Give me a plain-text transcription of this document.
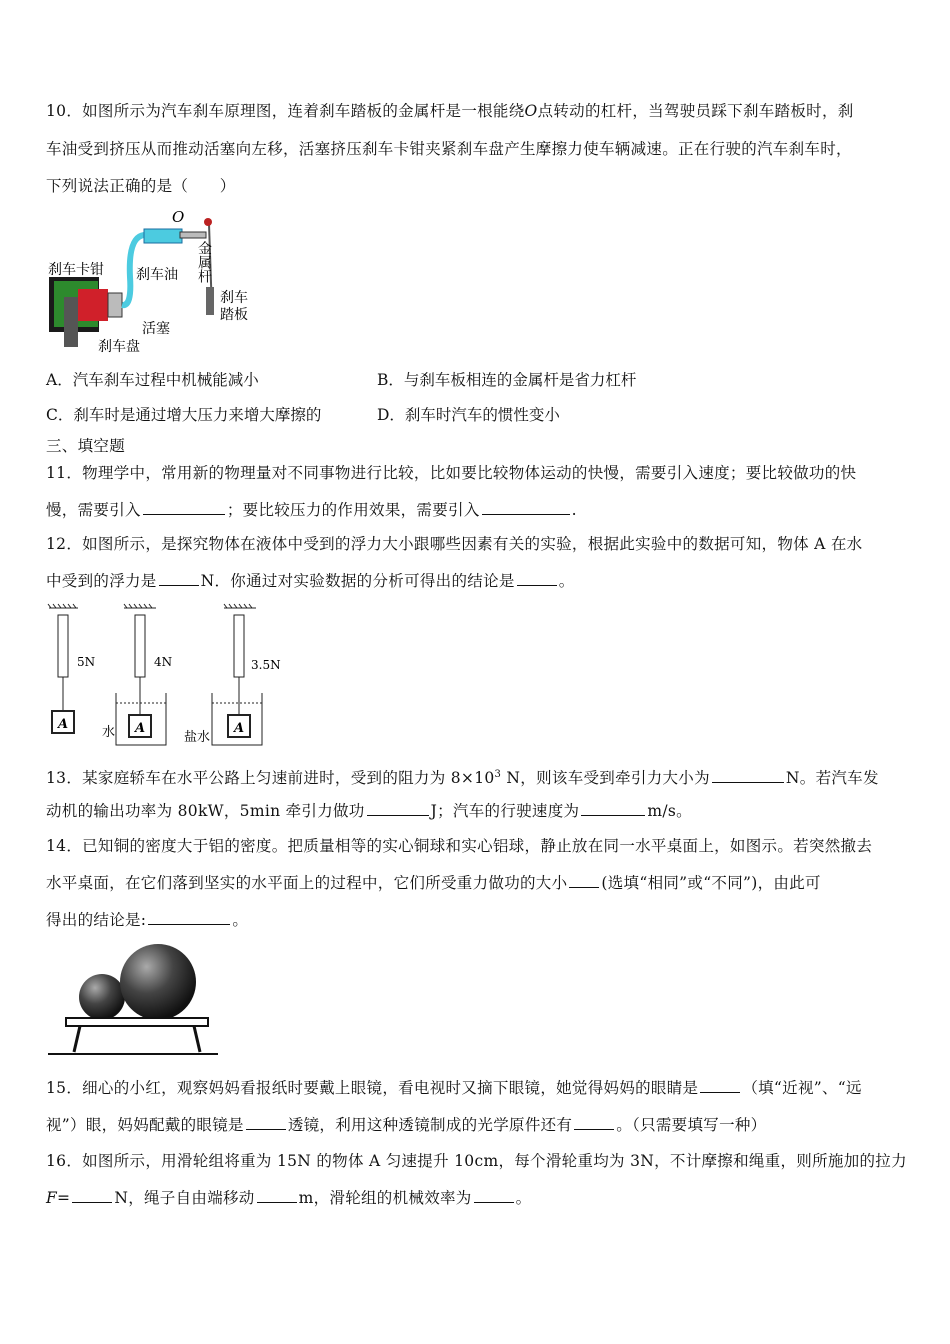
10．如图所示为汽车刹车原理图，连着刹车踏板的金属杆是一根能绕O点转动的杠杆，当驾驶员踩下刹车踏板时，刹
车油受到挤压从而推动活塞向左移，活塞挤压刹车卡钳夹紧刹车盘产生摩擦力使车辆减速。正在行驶的汽车刹车时，
下列说法正确的是（　　）
O
刹车卡钳 刹车油
活塞
刹车盘
刹车
踏板
金属杆
A．汽车刹车过程中机械能减小	B．与刹车板相连的金属杆是省力杠杆
C．刹车时是通过增大压力来增大摩擦的	D．刹车时汽车的惯性变小
三、填空题
11．物理学中，常用新的物理量对不同事物进行比较，比如要比较物体运动的快慢，需要引入速度；要比较做功的快
慢，需要引入	；要比较压力的作用效果，需要引入	.
12．如图所示，是探究物体在液体中受到的浮力大小跟哪些因素有关的实验，根据此实验中的数据可知，物体 A 在水
中受到的浮力是	N．你通过对实验数据的分析可得出的结论是	。
5N	4N	3.5N
A	A	A
水	盐水
13．某家庭轿车在水平公路上匀速前进时，受到的阻力为 $8\times 10^3$ N，则该车受到牵引力大小为	N。若汽车发
动机的输出功率为 80kW，5min 牵引力做功	J；汽车的行驶速度为	m/s。
14．已知铜的密度大于铝的密度。把质量相等的实心铜球和实心铝球，静止放在同一水平桌面上，如图示。若突然撤去
水平桌面，在它们落到坚实的水平面上的过程中，它们所受重力做功的大小 (选填“相同”或“不同”)，由此可
得出的结论是:	。
15．细心的小红，观察妈妈看报纸时要戴上眼镜，看电视时又摘下眼镜，她觉得妈妈的眼睛是	（填“近视”、“远
视”）眼，妈妈配戴的眼镜是	透镜，利用这种透镜制成的光学原件还有	。（只需要填写一种）
16．如图所示，用滑轮组将重为 15N 的物体 A 匀速提升 10cm，每个滑轮重均为 3N，不计摩擦和绳重，则所施加的拉力
F=	N，绳子自由端移动	m，滑轮组的机械效率为	。
